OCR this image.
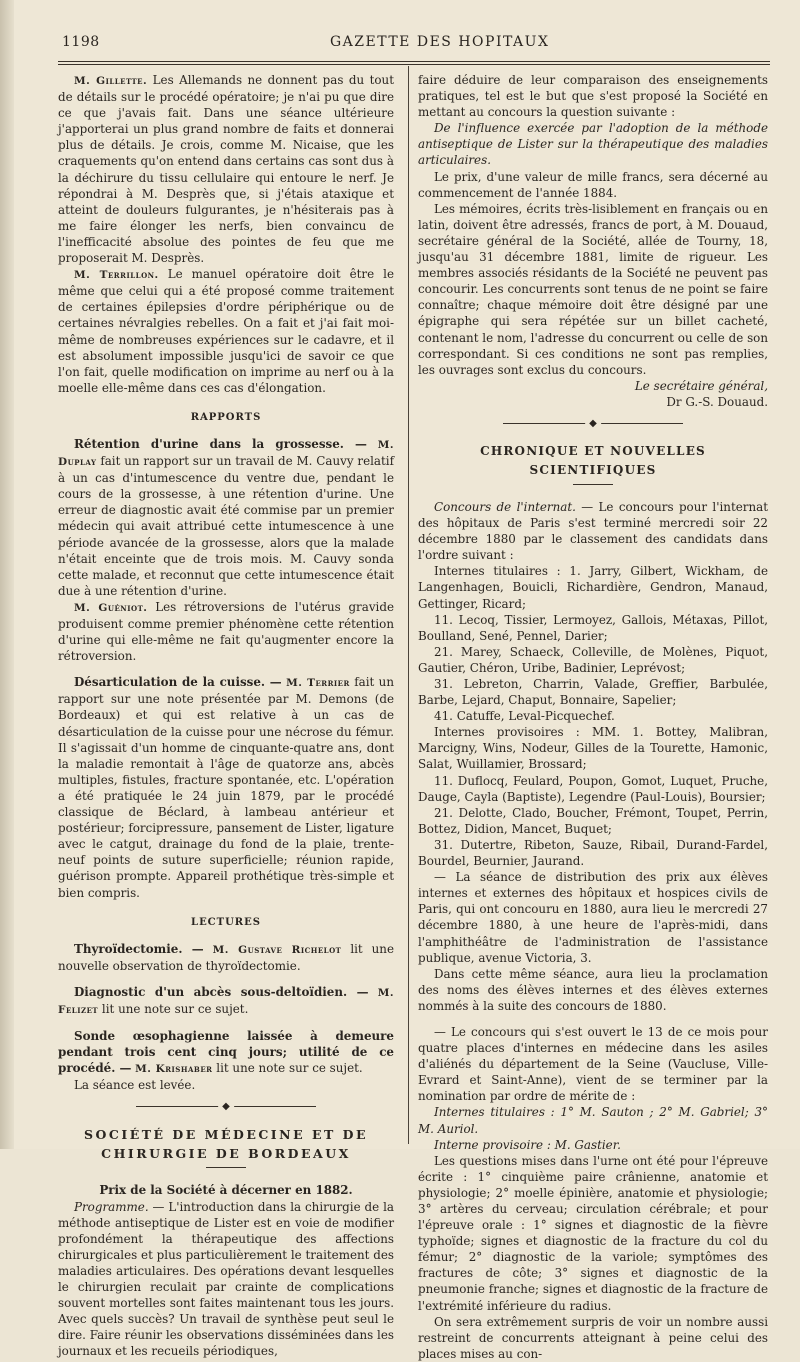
1198	GAZETTE DES HOPITAUX

M. Gillette. Les Allemands ne donnent pas du tout de détails sur le procédé opératoire; je n'ai pu que dire ce que j'avais fait. Dans une séance ultérieure j'apporterai un plus grand nombre de faits et donnerai plus de détails. Je crois, comme M. Nicaise, que les craquements qu'on entend dans certains cas sont dus à la déchirure du tissu cellulaire qui entoure le nerf. Je répondrai à M. Desprès que, si j'étais ataxique et atteint de douleurs fulgurantes, je n'hésiterais pas à me faire élonger les nerfs, bien convaincu de l'inefficacité absolue des pointes de feu que me proposerait M. Desprès.

M. Terrillon. Le manuel opératoire doit être le même que celui qui a été proposé comme traitement de certaines épilepsies d'ordre périphérique ou de certaines névralgies rebelles. On a fait et j'ai fait moi-même de nombreuses expériences sur le cadavre, et il est absolument impossible jusqu'ici de savoir ce que l'on fait, quelle modification on imprime au nerf ou à la moelle elle-même dans ces cas d'élongation.

RAPPORTS

Rétention d'urine dans la grossesse. — M. Duplay fait un rapport sur un travail de M. Cauvy relatif à un cas d'intumescence du ventre due, pendant le cours de la grossesse, à une rétention d'urine. Une erreur de diagnostic avait été commise par un premier médecin qui avait attribué cette intumescence à une période avancée de la grossesse, alors que la malade n'était enceinte que de trois mois. M. Cauvy sonda cette malade, et reconnut que cette intumescence était due à une rétention d'urine.

M. Guéniot. Les rétroversions de l'utérus gravide produisent comme premier phénomène cette rétention d'urine qui elle-même ne fait qu'augmenter encore la rétroversion.

Désarticulation de la cuisse. — M. Terrier fait un rapport sur une note présentée par M. Demons (de Bordeaux) et qui est relative à un cas de désarticulation de la cuisse pour une nécrose du fémur. Il s'agissait d'un homme de cinquante-quatre ans, dont la maladie remontait à l'âge de quatorze ans, abcès multiples, fistules, fracture spontanée, etc. L'opération a été pratiquée le 24 juin 1879, par le procédé classique de Béclard, à lambeau antérieur et postérieur; forcipressure, pansement de Lister, ligature avec le catgut, drainage du fond de la plaie, trente-neuf points de suture superficielle; réunion rapide, guérison prompte. Appareil prothétique très-simple et bien compris.

LECTURES

Thyroïdectomie. — M. Gustave Richelot lit une nouvelle observation de thyroïdectomie.

Diagnostic d'un abcès sous-deltoïdien. — M. Felizet lit une note sur ce sujet.

Sonde œsophagienne laissée à demeure pendant trois cent cinq jours; utilité de ce procédé. — M. Krishaber lit une note sur ce sujet.

La séance est levée.

◆
SOCIÉTÉ DE MÉDECINE ET DE CHIRURGIE DE BORDEAUX

Prix de la Société à décerner en 1882.

Programme. — L'introduction dans la chirurgie de la méthode antiseptique de Lister est en voie de modifier profondément la thérapeutique des affections chirurgicales et plus particulièrement le traitement des maladies articulaires. Des opérations devant lesquelles le chirurgien reculait par crainte de complications souvent mortelles sont faites maintenant tous les jours. Avec quels succès? Un travail de synthèse peut seul le dire. Faire réunir les observations disséminées dans les journaux et les recueils périodiques,

faire déduire de leur comparaison des enseignements pratiques, tel est le but que s'est proposé la Société en mettant au concours la question suivante :

De l'influence exercée par l'adoption de la méthode antiseptique de Lister sur la thérapeutique des maladies articulaires.

Le prix, d'une valeur de mille francs, sera décerné au commencement de l'année 1884.

Les mémoires, écrits très-lisiblement en français ou en latin, doivent être adressés, francs de port, à M. Douaud, secrétaire général de la Société, allée de Tourny, 18, jusqu'au 31 décembre 1881, limite de rigueur. Les membres associés résidants de la Société ne peuvent pas concourir. Les concurrents sont tenus de ne point se faire connaître; chaque mémoire doit être désigné par une épigraphe qui sera répétée sur un billet cacheté, contenant le nom, l'adresse du concurrent ou celle de son correspondant. Si ces conditions ne sont pas remplies, les ouvrages sont exclus du concours.

Le secrétaire général,

Dr G.-S. Douaud.

◆
CHRONIQUE ET NOUVELLES SCIENTIFIQUES

Concours de l'internat. — Le concours pour l'internat des hôpitaux de Paris s'est terminé mercredi soir 22 décembre 1880 par le classement des candidats dans l'ordre suivant :

Internes titulaires : 1. Jarry, Gilbert, Wickham, de Langenhagen, Bouicli, Richardière, Gendron, Manaud, Gettinger, Ricard;

11. Lecoq, Tissier, Lermoyez, Gallois, Métaxas, Pillot, Boulland, Sené, Pennel, Darier;

21. Marey, Schaeck, Colleville, de Molènes, Piquot, Gautier, Chéron, Uribe, Badinier, Leprévost;

31. Lebreton, Charrin, Valade, Greffier, Barbulée, Barbe, Lejard, Chaput, Bonnaire, Sapelier;

41. Catuffe, Leval-Picquechef.

Internes provisoires : MM. 1. Bottey, Malibran, Marcigny, Wins, Nodeur, Gilles de la Tourette, Hamonic, Salat, Wuillamier, Brossard;

11. Duflocq, Feulard, Poupon, Gomot, Luquet, Pruche, Dauge, Cayla (Baptiste), Legendre (Paul-Louis), Boursier;

21. Delotte, Clado, Boucher, Frémont, Toupet, Perrin, Bottez, Didion, Mancet, Buquet;

31. Dutertre, Ribeton, Sauze, Ribail, Durand-Fardel, Bourdel, Beurnier, Jaurand.

— La séance de distribution des prix aux élèves internes et externes des hôpitaux et hospices civils de Paris, qui ont concouru en 1880, aura lieu le mercredi 27 décembre 1880, à une heure de l'après-midi, dans l'amphithéâtre de l'administration de l'assistance publique, avenue Victoria, 3.

Dans cette même séance, aura lieu la proclamation des noms des élèves internes et des élèves externes nommés à la suite des concours de 1880.

— Le concours qui s'est ouvert le 13 de ce mois pour quatre places d'internes en médecine dans les asiles d'aliénés du département de la Seine (Vaucluse, Ville-Evrard et Saint-Anne), vient de se terminer par la nomination par ordre de mérite de :

Internes titulaires : 1° M. Sauton ; 2° M. Gabriel; 3° M. Auriol.

Interne provisoire : M. Gastier.

Les questions mises dans l'urne ont été pour l'épreuve écrite : 1° cinquième paire crânienne, anatomie et physiologie; 2° moelle épinière, anatomie et physiologie; 3° artères du cerveau; circulation cérébrale; et pour l'épreuve orale : 1° signes et diagnostic de la fièvre typhoïde; signes et diagnostic de la fracture du col du fémur; 2° diagnostic de la variole; symptômes des fractures de côte; 3° signes et diagnostic de la pneumonie franche; signes et diagnostic de la fracture de l'extrémité inférieure du radius.

On sera extrêmement surpris de voir un nombre aussi restreint de concurrents atteignant à peine celui des places mises au con-
